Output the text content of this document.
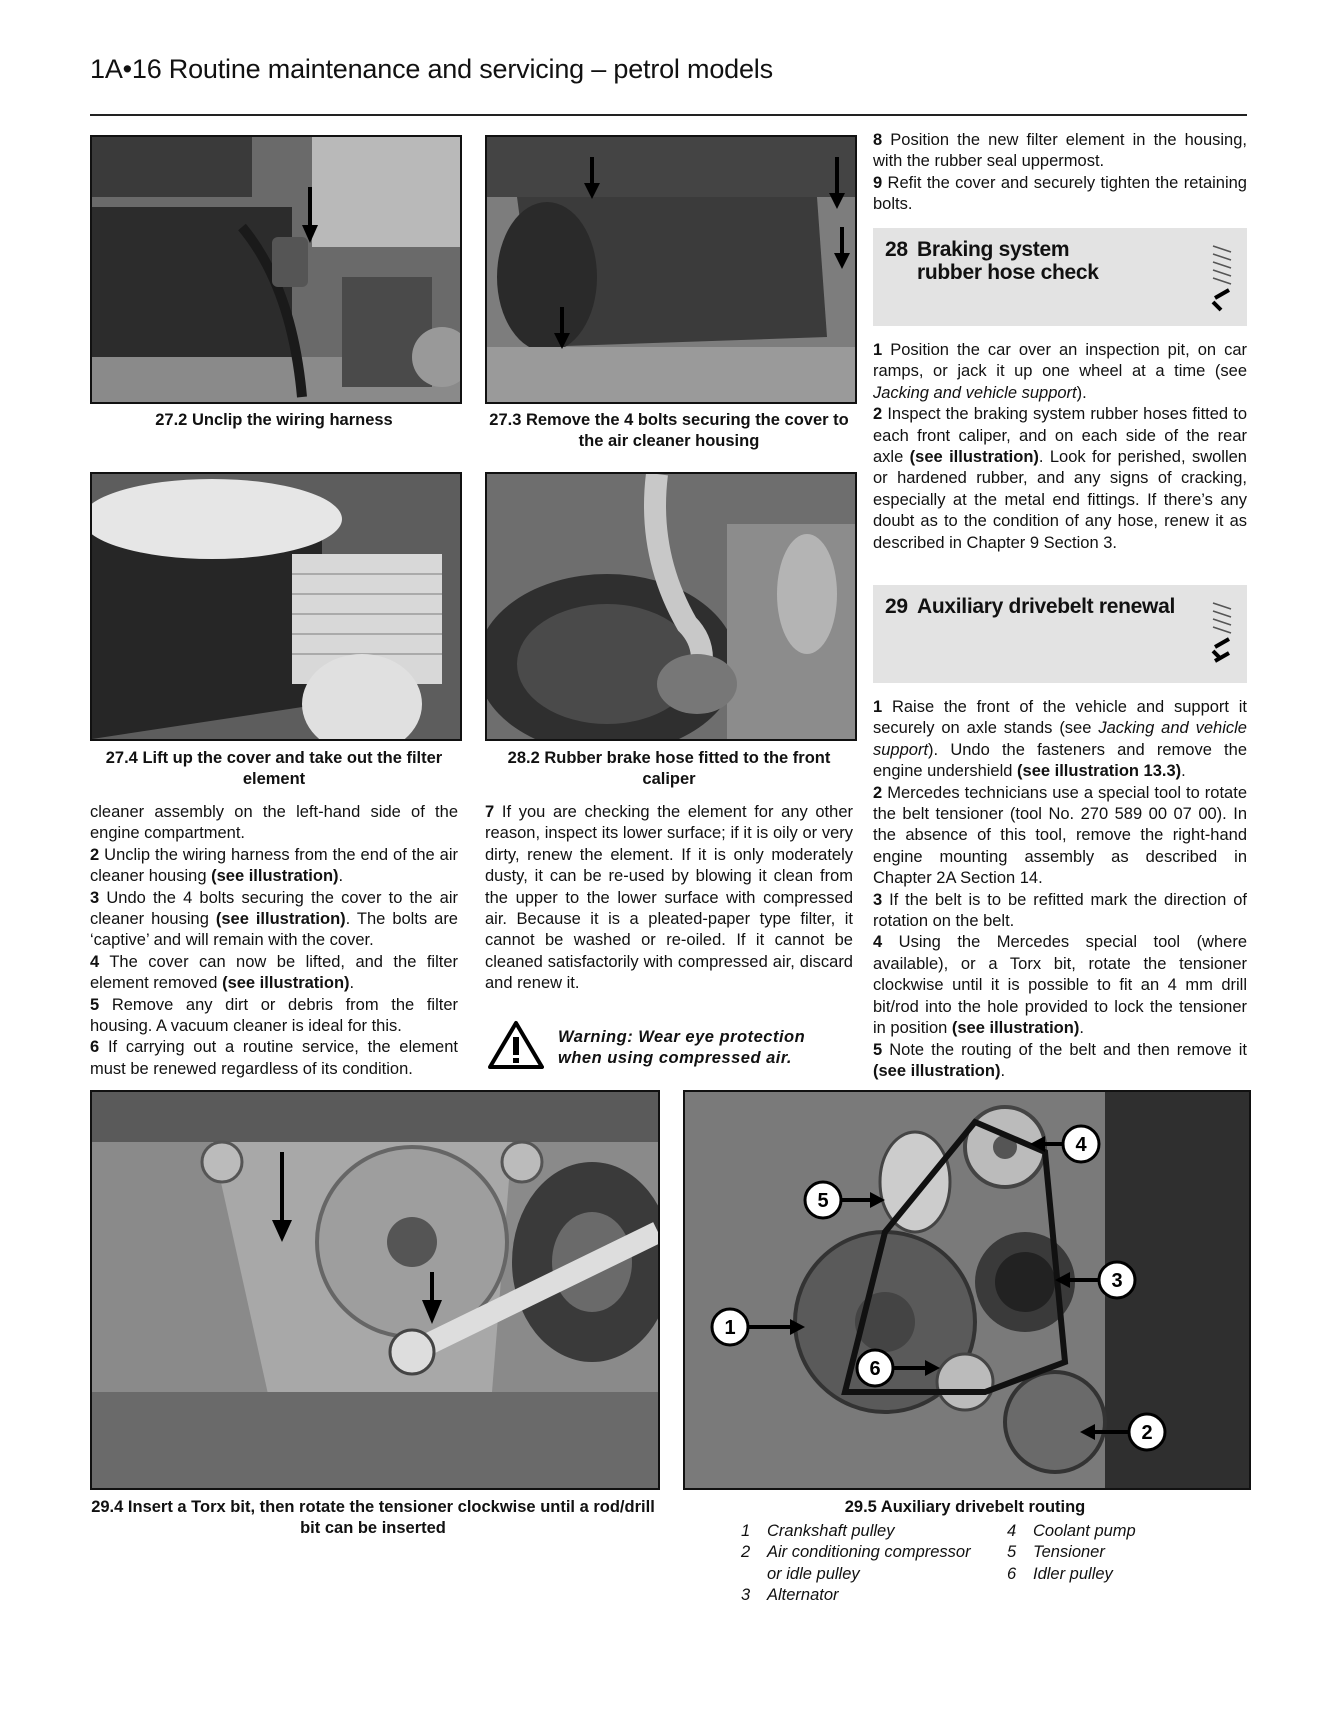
1A•16 Routine maintenance and servicing – petrol models
27.2 Unclip the wiring harness	27.3 Remove the 4 bolts securing the cover to the air cleaner housing
27.4 Lift up the cover and take out the filter element
28.2 Rubber brake hose fitted to the front caliper

cleaner assembly on the left-hand side of the engine compartment.

2 Unclip the wiring harness from the end of the air cleaner housing (see illustration).

3 Undo the 4 bolts securing the cover to the air cleaner housing (see illustration). The bolts are ‘captive’ and will remain with the cover.

4 The cover can now be lifted, and the filter element removed (see illustration).

5 Remove any dirt or debris from the filter housing. A vacuum cleaner is ideal for this.

6 If carrying out a routine service, the element must be renewed regardless of its condition.

7 If you are checking the element for any other reason, inspect its lower surface; if it is oily or very dirty, renew the element. If it is only moderately dusty, it can be re-used by blowing it clean from the upper to the lower surface with compressed air. Because it is a pleated-paper type filter, it cannot be washed or re-oiled. If it cannot be cleaned satisfactorily with compressed air, discard and renew it.

Warning: Wear eye protection when using compressed air.

8 Position the new filter element in the housing, with the rubber seal uppermost.

9 Refit the cover and securely tighten the retaining bolts.

28 Braking system
rubber hose check

1 Position the car over an inspection pit, on car ramps, or jack it up one wheel at a time (see Jacking and vehicle support).

2 Inspect the braking system rubber hoses fitted to each front caliper, and on each side of the rear axle (see illustration). Look for perished, swollen or hardened rubber, and any signs of cracking, especially at the metal end fittings. If there’s any doubt as to the condition of any hose, renew it as described in Chapter 9 Section 3.

29 Auxiliary drivebelt renewal

1 Raise the front of the vehicle and support it securely on axle stands (see Jacking and vehicle support). Undo the fasteners and remove the engine undershield (see illustration 13.3).

2 Mercedes technicians use a special tool to rotate the belt tensioner (tool No. 270 589 00 07 00). In the absence of this tool, remove the right-hand engine mounting assembly as described in Chapter 2A Section 14.

3 If the belt is to be refitted mark the direction of rotation on the belt.

4 Using the Mercedes special tool (where available), or a Torx bit, rotate the tensioner clockwise until it is possible to fit an 4 mm drill bit/rod into the hole provided to lock the tensioner in position (see illustration).

5 Note the routing of the belt and then remove it (see illustration).

29.4 Insert a Torx bit, then rotate the tensioner clockwise until a rod/drill bit can be inserted
1
2
3
4
5
6
29.5 Auxiliary drivebelt routing
1 Crankshaft pulley
2	Air conditioning compressor or idle pulley
3 Alternator
4 Coolant pump
5 Tensioner
6 Idler pulley
